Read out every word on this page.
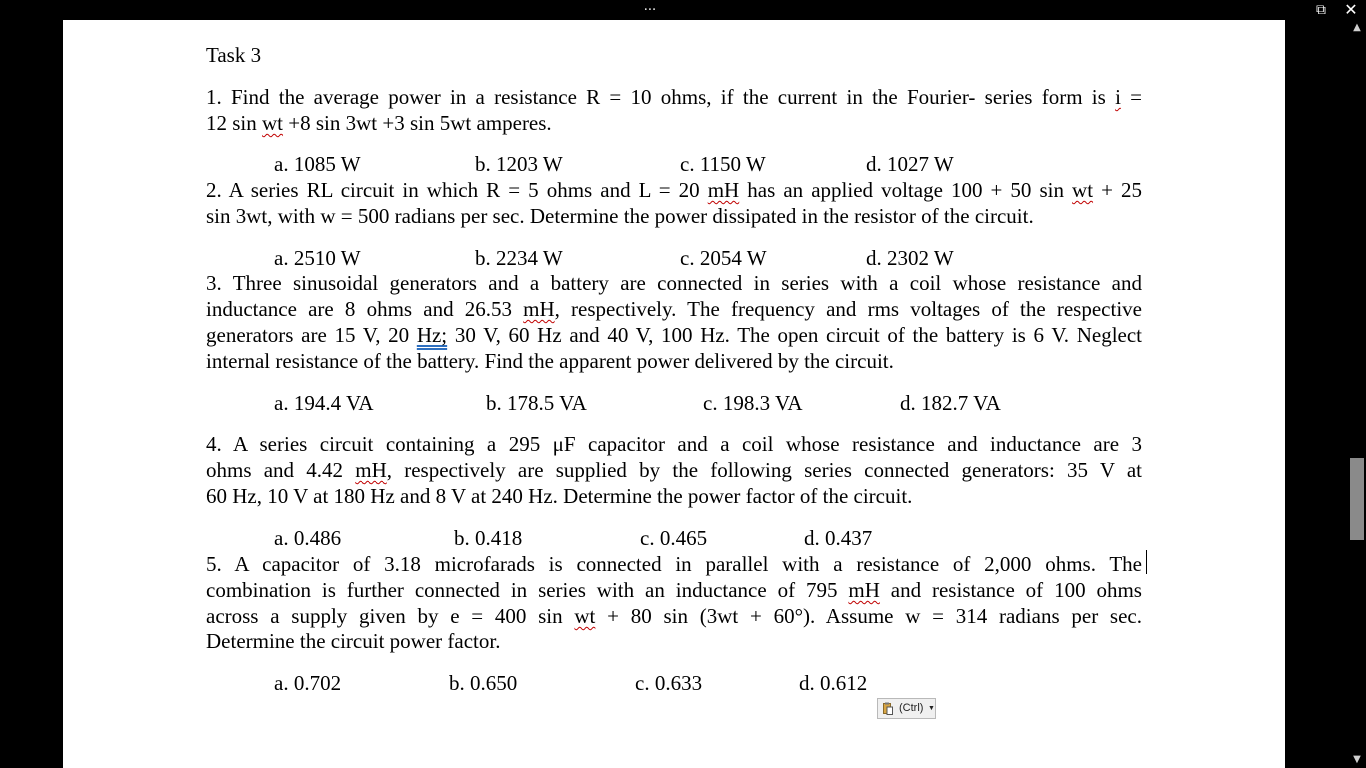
...	⧉	✕

Task 3

1. Find the average power in a resistance R = 10 ohms, if the current in the Fourier- series form is i =

12 sin wt +8 sin 3wt +3 sin 5wt amperes.

a. 1085 W	b. 1203 W	c. 1150 W	d. 1027 W

2. A series RL circuit in which R = 5 ohms and L = 20 mH has an applied voltage 100 + 50 sin wt + 25

sin 3wt, with w = 500 radians per sec. Determine the power dissipated in the resistor of the circuit.

a. 2510 W	b. 2234 W	c. 2054 W	d. 2302 W

3. Three sinusoidal generators and a battery are connected in series with a coil whose resistance and

inductance are 8 ohms and 26.53 mH, respectively. The frequency and rms voltages of the respective

generators are 15 V, 20 Hz; 30 V, 60 Hz and 40 V, 100 Hz. The open circuit of the battery is 6 V. Neglect

internal resistance of the battery. Find the apparent power delivered by the circuit.

a. 194.4 VA	b. 178.5 VA	c. 198.3 VA	d. 182.7 VA

4. A series circuit containing a 295 μF capacitor and a coil whose resistance and inductance are 3

ohms and 4.42 mH, respectively are supplied by the following series connected generators: 35 V at

60 Hz, 10 V at 180 Hz and 8 V at 240 Hz. Determine the power factor of the circuit.

a. 0.486	b. 0.418	c. 0.465	d. 0.437

5. A capacitor of 3.18 microfarads is connected in parallel with a resistance of 2,000 ohms. The

combination is further connected in series with an inductance of 795 mH and resistance of 100 ohms

across a supply given by e = 400 sin wt + 80 sin (3wt + 60°). Assume w = 314 radians per sec.

Determine the circuit power factor.

a. 0.702	b. 0.650	c. 0.633	d. 0.612

(Ctrl) ▼
▲
▼
